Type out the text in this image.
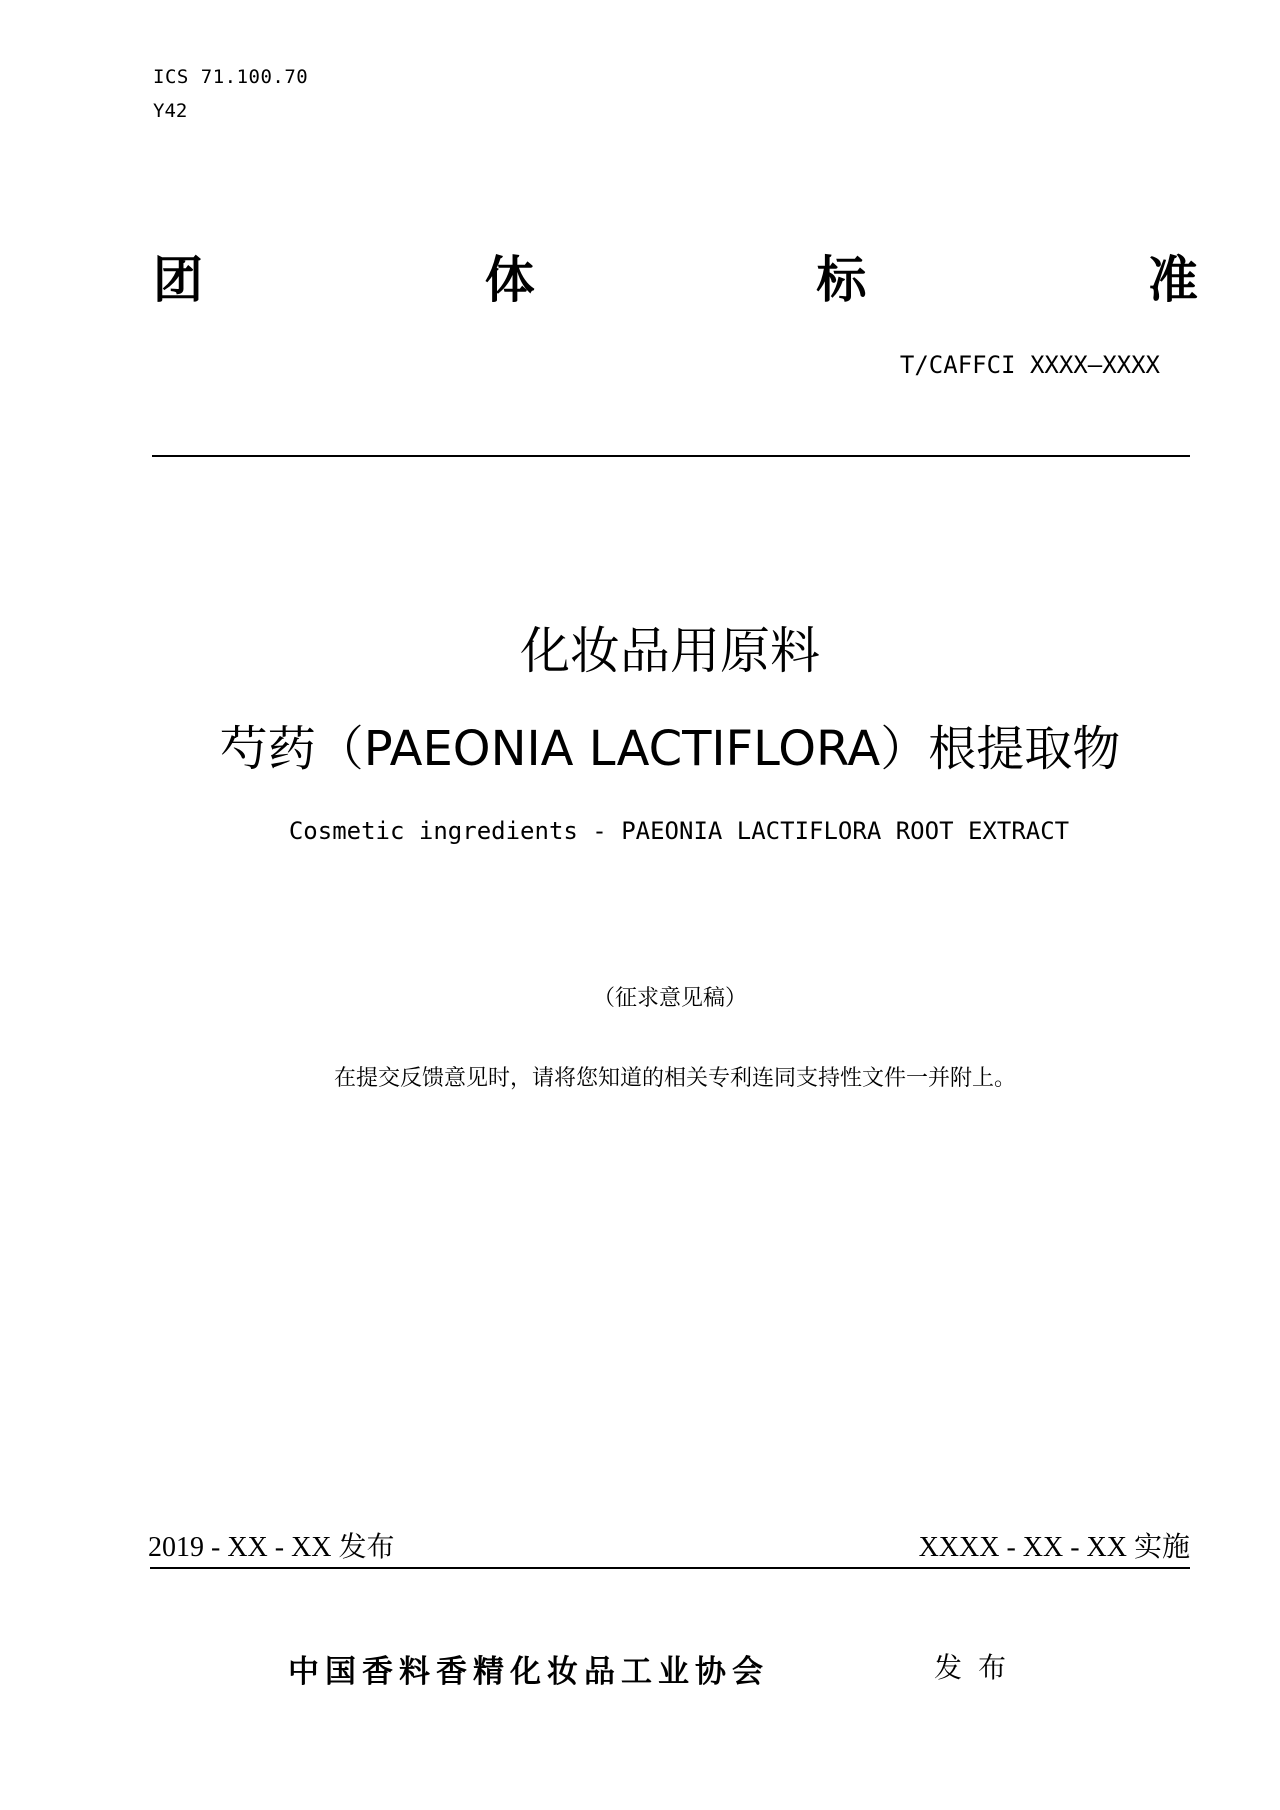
ICS 71.100.70
Y42
团	体	标	准
T/CAFFCI XXXX—XXXX
化妆品用原料
芍药（PAEONIA LACTIFLORA）根提取物
Cosmetic ingredients - PAEONIA LACTIFLORA ROOT EXTRACT
（征求意见稿）
在提交反馈意见时，请将您知道的相关专利连同支持性文件一并附上。
2019 - XX - XX 发布	XXXX - XX - XX 实施
中国香料香精化妆品工业协会	发布
